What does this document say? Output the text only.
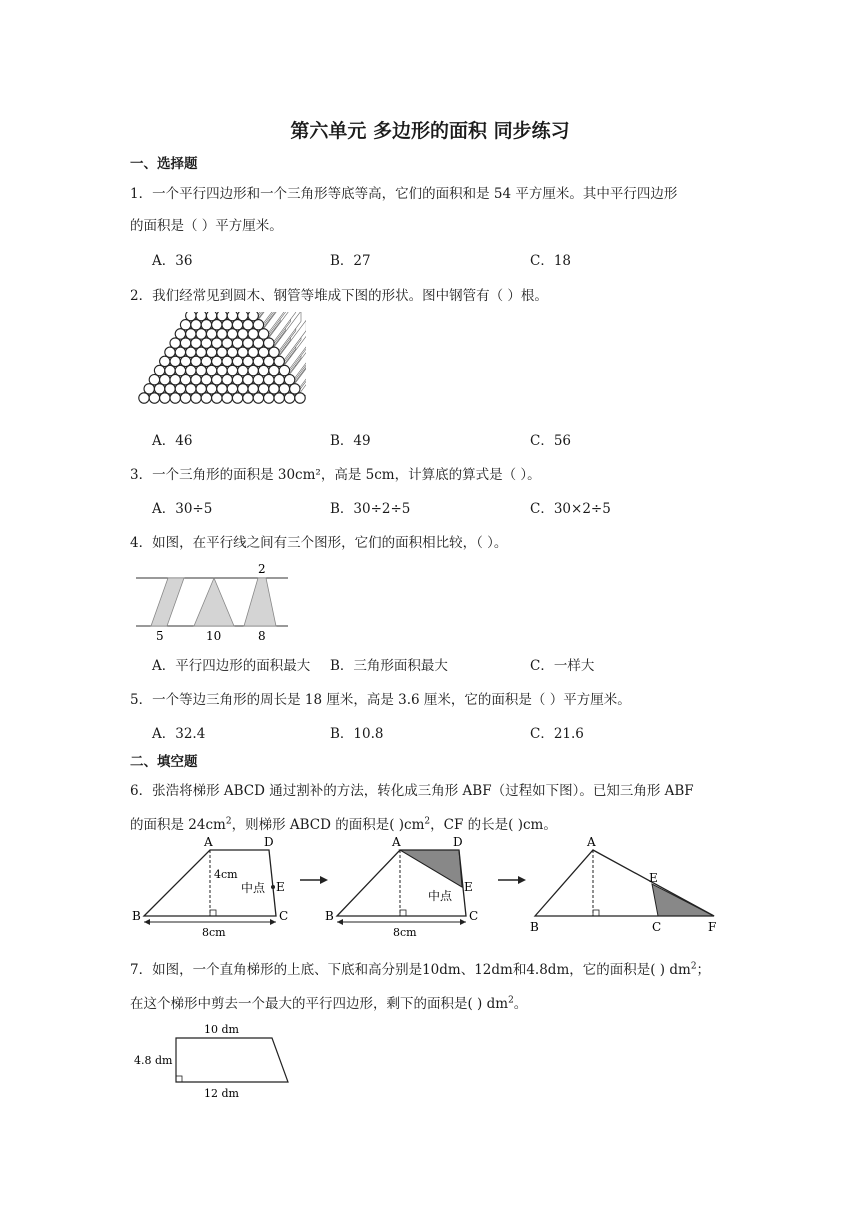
第六单元 多边形的面积 同步练习
一、选择题
1．一个平行四边形和一个三角形等底等高，它们的面积和是 54 平方厘米。其中平行四边形
的面积是（ ）平方厘米。
A．36	B．27	C．18
2．我们经常见到圆木、钢管等堆成下图的形状。图中钢管有（ ）根。
A．46	B．49	C．56
3．一个三角形的面积是 30cm²，高是 5cm，计算底的算式是（ ）。
A．30÷5	B．30÷2÷5	C．30×2÷5
4．如图，在平行线之间有三个图形，它们的面积相比较，（ ）。
2
5	10	8
A．平行四边形的面积最大 B．三角形面积最大	C．一样大
5．一个等边三角形的周长是 18 厘米，高是 3.6 厘米，它的面积是（ ）平方厘米。
A．32.4	B．10.8	C．21.6
二、填空题
6．张浩将梯形 ABCD 通过割补的方法，转化成三角形 ABF（过程如下图）。已知三角形 ABF
的面积是 $24cm^2$，则梯形 ABCD 的面积是( )$cm^2$，CF 的长是( )cm。
A	D
B	C
E
4cm
中点
8cm
A	D
B	C
E
中点
8cm
A
B	C	F
E
7．如图，一个直角梯形的上底、下底和高分别是10dm、12dm和4.8dm，它的面积是( ) $dm^2$；
在这个梯形中剪去一个最大的平行四边形，剩下的面积是( ) $dm^2$。
10 dm
4.8 dm
12 dm
